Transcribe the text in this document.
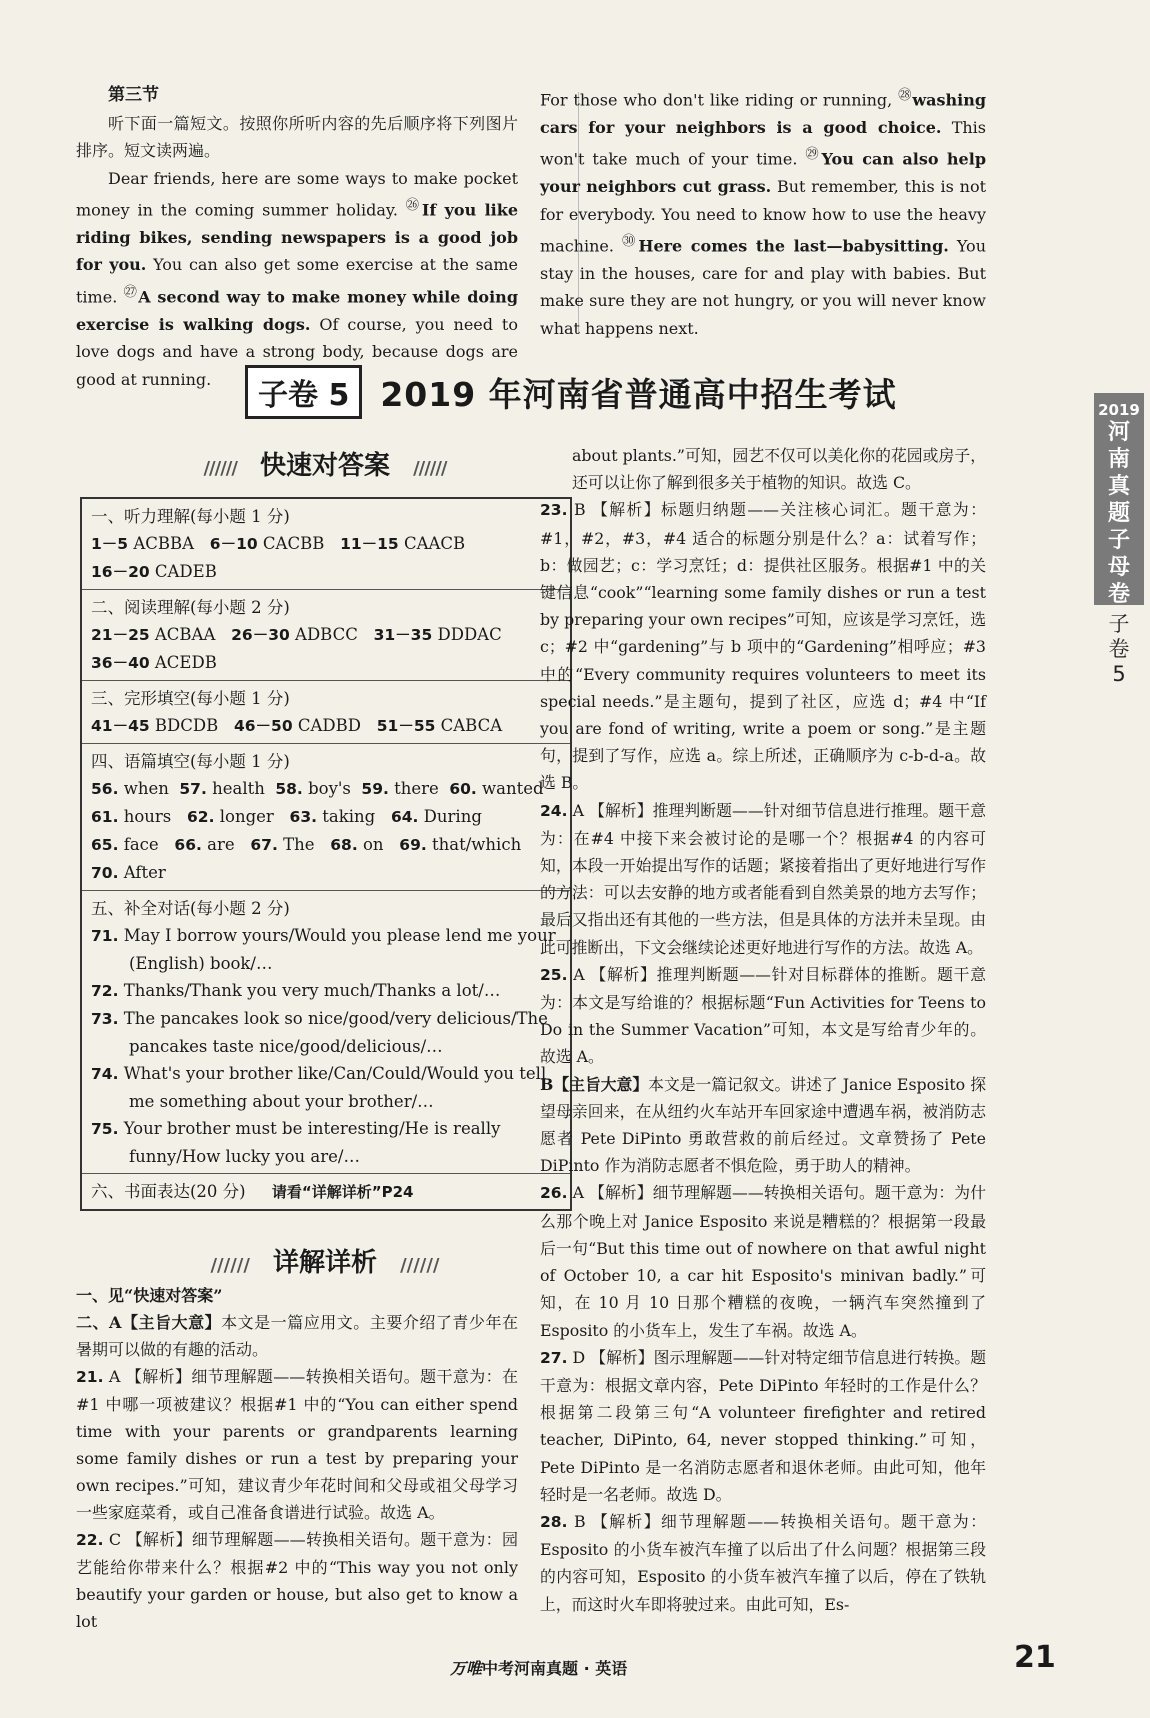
第三节

听下面一篇短文。按照你所听内容的先后顺序将下列图片排序。短文读两遍。

Dear friends, here are some ways to make pocket money in the coming summer holiday. $^㉖$If you like riding bikes, sending newspapers is a good job for you. You can also get some exercise at the same time. $^㉗$A second way to make money while doing exercise is walking dogs. Of course, you need to love dogs and have a strong body, because dogs are good at running.

For those who don't like riding or running, $^㉘$washing cars for your neighbors is a good choice. This won't take much of your time. $^㉙$You can also help your neighbors cut grass. But remember, this is not for everybody. You need to know how to use the heavy machine. $^㉚$Here comes the last—babysitting. You stay in the houses, care for and play with babies. But make sure they are not hungry, or you will never know what happens next.

子卷 5 2019 年河南省普通高中招生考试	2019
河
南
真
题
子
母
卷
子
卷
5
////// 快速对答案 //////
一、听力理解(每小题 1 分)
1－5 ACBBA 6－10 CACBB 11－15 CAACB
16－20 CADEB
二、阅读理解(每小题 2 分)
21－25 ACBAA 26－30 ADBCC 31－35 DDDAC
36－40 ACEDB
三、完形填空(每小题 1 分)
41－45 BDCDB 46－50 CADBD 51－55 CABCA
四、语篇填空(每小题 1 分)
56. when 57. health 58. boy's 59. there 60. wanted
61. hours 62. longer 63. taking 64. During
65. face 66. are 67. The 68. on 69. that/which
70. After
五、补全对话(每小题 2 分)
71. May I borrow yours/Would you please lend me your (English) book/…
72. Thanks/Thank you very much/Thanks a lot/…
73. The pancakes look so nice/good/very delicious/The pancakes taste nice/good/delicious/…
74. What's your brother like/Can/Could/Would you tell me something about your brother/…
75. Your brother must be interesting/He is really funny/How lucky you are/…
六、书面表达(20 分) 请看“详解详析”P24
////// 详解详析 //////

一、见“快速对答案”

二、A【主旨大意】本文是一篇应用文。主要介绍了青少年在暑期可以做的有趣的活动。

21. A 【解析】细节理解题——转换相关语句。题干意为：在#1 中哪一项被建议？根据#1 中的“You can either spend time with your parents or grandparents learning some family dishes or run a test by preparing your own recipes.”可知，建议青少年花时间和父母或祖父母学习一些家庭菜肴，或自己准备食谱进行试验。故选 A。

22. C 【解析】细节理解题——转换相关语句。题干意为：园艺能给你带来什么？根据#2 中的“This way you not only beautify your garden or house, but also get to know a lot

about plants.”可知，园艺不仅可以美化你的花园或房子，还可以让你了解到很多关于植物的知识。故选 C。

23. B 【解析】标题归纳题——关注核心词汇。题干意为：#1，#2，#3，#4 适合的标题分别是什么？a：试着写作；b：做园艺；c：学习烹饪；d：提供社区服务。根据#1 中的关键信息“cook”“learning some family dishes or run a test by preparing your own recipes”可知，应该是学习烹饪，选 c；#2 中“gardening”与 b 项中的“Gardening”相呼应；#3 中的“Every community requires volunteers to meet its special needs.”是主题句，提到了社区，应选 d；#4 中“If you are fond of writing, write a poem or song.”是主题句，提到了写作，应选 a。综上所述，正确顺序为 c-b-d-a。故选 B。

24. A 【解析】推理判断题——针对细节信息进行推理。题干意为：在#4 中接下来会被讨论的是哪一个？根据#4 的内容可知，本段一开始提出写作的话题；紧接着指出了更好地进行写作的方法：可以去安静的地方或者能看到自然美景的地方去写作；最后又指出还有其他的一些方法，但是具体的方法并未呈现。由此可推断出，下文会继续论述更好地进行写作的方法。故选 A。

25. A 【解析】推理判断题——针对目标群体的推断。题干意为：本文是写给谁的？根据标题“Fun Activities for Teens to Do in the Summer Vacation”可知，本文是写给青少年的。故选 A。

B【主旨大意】本文是一篇记叙文。讲述了 Janice Esposito 探望母亲回来，在从纽约火车站开车回家途中遭遇车祸，被消防志愿者 Pete DiPinto 勇敢营救的前后经过。文章赞扬了 Pete DiPinto 作为消防志愿者不惧危险，勇于助人的精神。

26. A 【解析】细节理解题——转换相关语句。题干意为：为什么那个晚上对 Janice Esposito 来说是糟糕的？根据第一段最后一句“But this time out of nowhere on that awful night of October 10, a car hit Esposito's minivan badly.”可知，在 10 月 10 日那个糟糕的夜晚，一辆汽车突然撞到了 Esposito 的小货车上，发生了车祸。故选 A。

27. D 【解析】图示理解题——针对特定细节信息进行转换。题干意为：根据文章内容，Pete DiPinto 年轻时的工作是什么？根据第二段第三句“A volunteer firefighter and retired teacher, DiPinto, 64, never stopped thinking.”可知，Pete DiPinto 是一名消防志愿者和退休老师。由此可知，他年轻时是一名老师。故选 D。

28. B 【解析】细节理解题——转换相关语句。题干意为：Esposito 的小货车被汽车撞了以后出了什么问题？根据第三段的内容可知，Esposito 的小货车被汽车撞了以后，停在了铁轨上，而这时火车即将驶过来。由此可知，Es-

万唯中考河南真题 · 英语	21
